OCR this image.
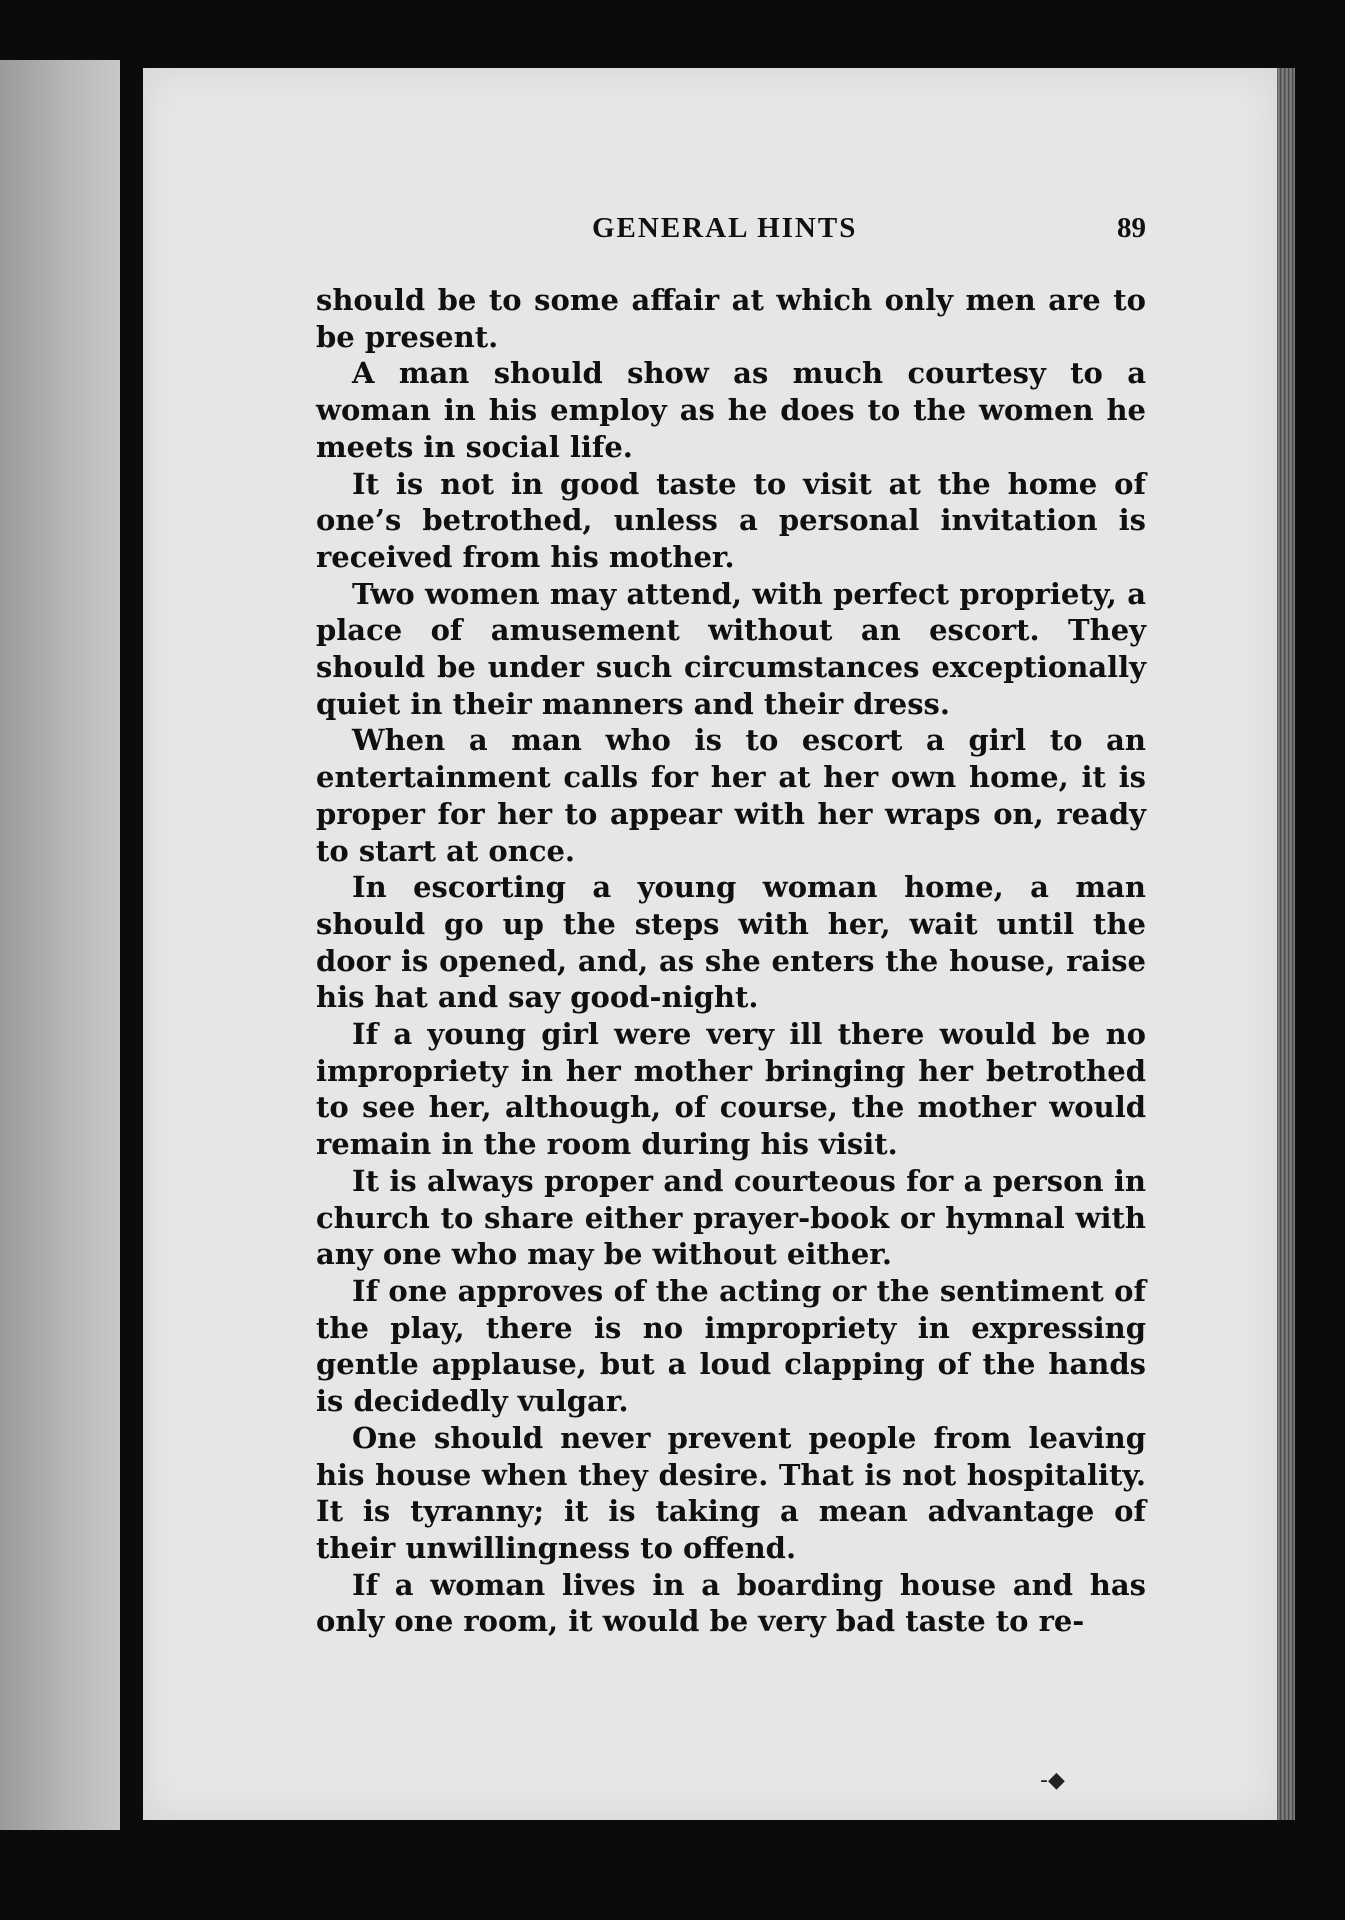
GENERAL HINTS	89

should be to some affair at which only men are to be present.

A man should show as much courtesy to a woman in his employ as he does to the women he meets in social life.

It is not in good taste to visit at the home of one’s betrothed, unless a personal invitation is received from his mother.

Two women may attend, with perfect propriety, a place of amusement without an escort. They should be under such circumstances exceptionally quiet in their manners and their dress.

When a man who is to escort a girl to an entertainment calls for her at her own home, it is proper for her to appear with her wraps on, ready to start at once.

In escorting a young woman home, a man should go up the steps with her, wait until the door is opened, and, as she enters the house, raise his hat and say good-night.

If a young girl were very ill there would be no impropriety in her mother bringing her betrothed to see her, although, of course, the mother would remain in the room during his visit.

It is always proper and courteous for a person in church to share either prayer-book or hymnal with any one who may be without either.

If one approves of the acting or the sentiment of the play, there is no impropriety in expressing gentle applause, but a loud clapping of the hands is decidedly vulgar.

One should never prevent people from leaving his house when they desire. That is not hospitality. It is tyranny; it is taking a mean advantage of their unwillingness to offend.

If a woman lives in a boarding house and has only one room, it would be very bad taste to re-

‑◆
